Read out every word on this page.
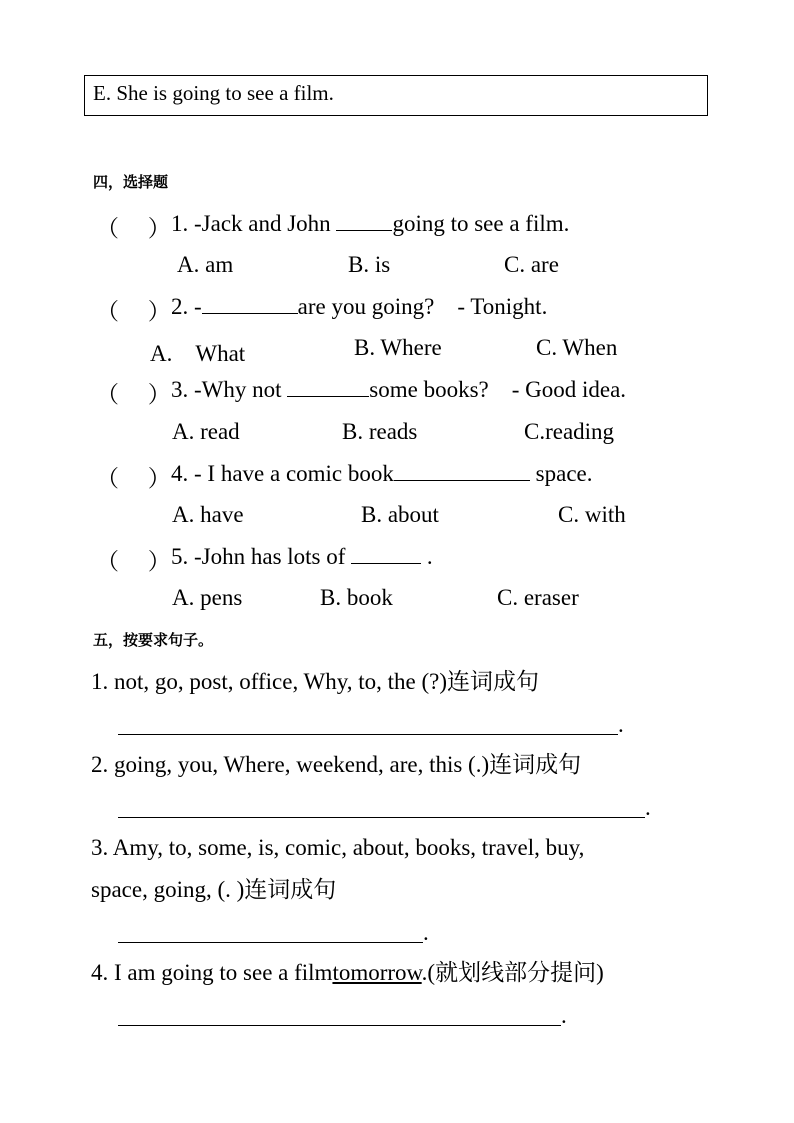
E. She is going to see a film.
四，选择题
（　 ） 1. -Jack and John going to see a film.
A. am	B. is	C. are
（　 ） 2. -	are you going?　- Tonight.
A.　What	B. Where	C. When
（　 ） 3. -Why not	some books?　- Good idea.
A. read	B. reads	C.reading
（　 ） 4. - I have a comic book	space.
A. have	B. about	C. with
（　 ） 5. -John has lots of	.
A. pens	B. book	C. eraser
五，按要求句子。
1. not, go, post, office, Why, to, the (?)连词成句
.
2. going, you, Where, weekend, are, this (.)连词成句
.
3. Amy, to, some, is, comic, about, books, travel, buy,
space, going, (. )连词成句
.
4. I am going to see a filmtomorrow.(就划线部分提问)
.
